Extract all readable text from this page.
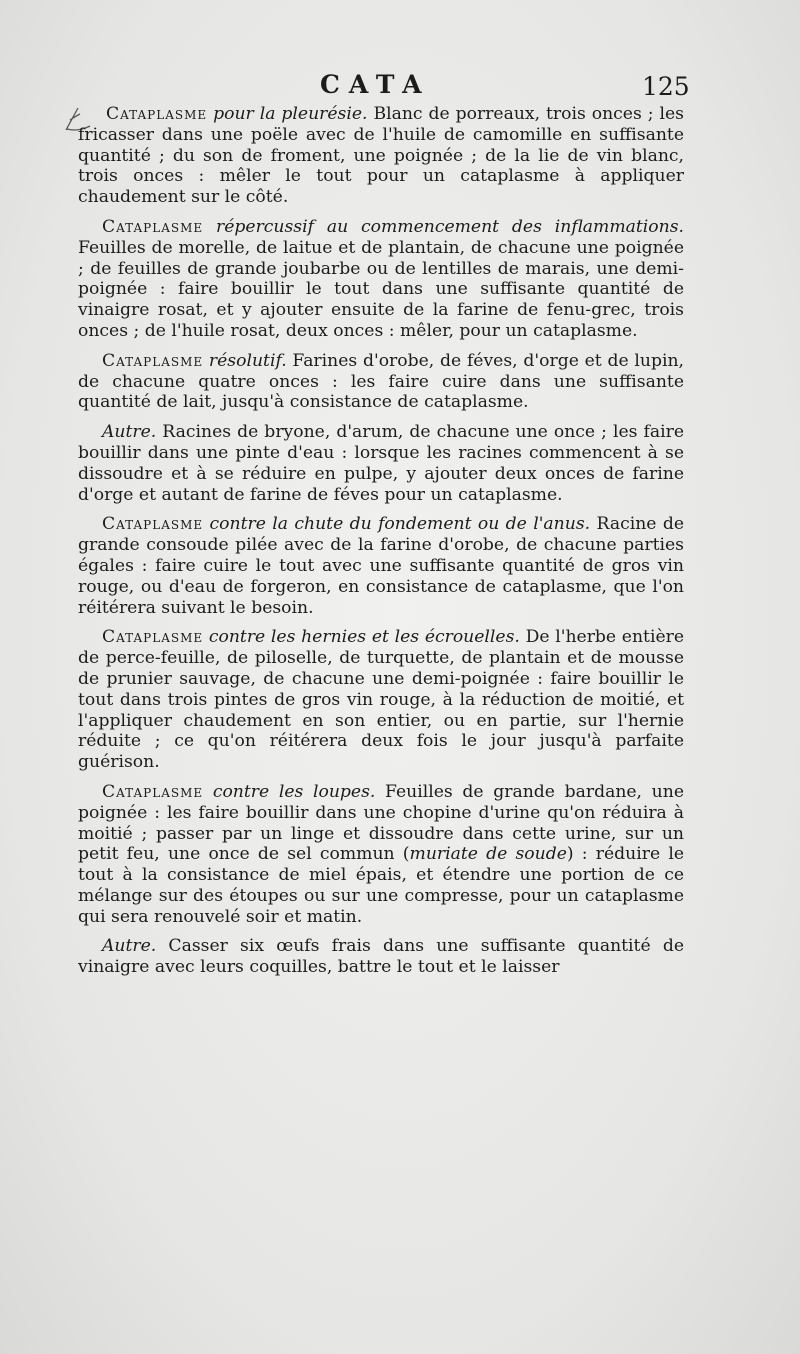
CATA	125

Cataplasme pour la pleurésie. Blanc de porreaux, trois onces ; les fricasser dans une poële avec de l'huile de camomille en suffisante quantité ; du son de froment, une poignée ; de la lie de vin blanc, trois onces : mêler le tout pour un cataplasme à appliquer chaudement sur le côté.

Cataplasme répercussif au commencement des inflammations. Feuilles de morelle, de laitue et de plantain, de chacune une poignée ; de feuilles de grande joubarbe ou de lentilles de marais, une demi-poignée : faire bouillir le tout dans une suffisante quantité de vinaigre rosat, et y ajouter ensuite de la farine de fenu-grec, trois onces ; de l'huile rosat, deux onces : mêler, pour un cataplasme.

Cataplasme résolutif. Farines d'orobe, de féves, d'orge et de lupin, de chacune quatre onces : les faire cuire dans une suffisante quantité de lait, jusqu'à consistance de cataplasme.

Autre. Racines de bryone, d'arum, de chacune une once ; les faire bouillir dans une pinte d'eau : lorsque les racines commencent à se dissoudre et à se réduire en pulpe, y ajouter deux onces de farine d'orge et autant de farine de féves pour un cataplasme.

Cataplasme contre la chute du fondement ou de l'anus. Racine de grande consoude pilée avec de la farine d'orobe, de chacune parties égales : faire cuire le tout avec une suffisante quantité de gros vin rouge, ou d'eau de forgeron, en consistance de cataplasme, que l'on réitérera suivant le besoin.

Cataplasme contre les hernies et les écrouelles. De l'herbe entière de perce-feuille, de piloselle, de turquette, de plantain et de mousse de prunier sauvage, de chacune une demi-poignée : faire bouillir le tout dans trois pintes de gros vin rouge, à la réduction de moitié, et l'appliquer chaudement en son entier, ou en partie, sur l'hernie réduite ; ce qu'on réitérera deux fois le jour jusqu'à parfaite guérison.

Cataplasme contre les loupes. Feuilles de grande bardane, une poignée : les faire bouillir dans une chopine d'urine qu'on réduira à moitié ; passer par un linge et dissoudre dans cette urine, sur un petit feu, une once de sel commun (muriate de soude) : réduire le tout à la consistance de miel épais, et étendre une portion de ce mélange sur des étoupes ou sur une compresse, pour un cataplasme qui sera renouvelé soir et matin.

Autre. Casser six œufs frais dans une suffisante quantité de vinaigre avec leurs coquilles, battre le tout et le laisser
